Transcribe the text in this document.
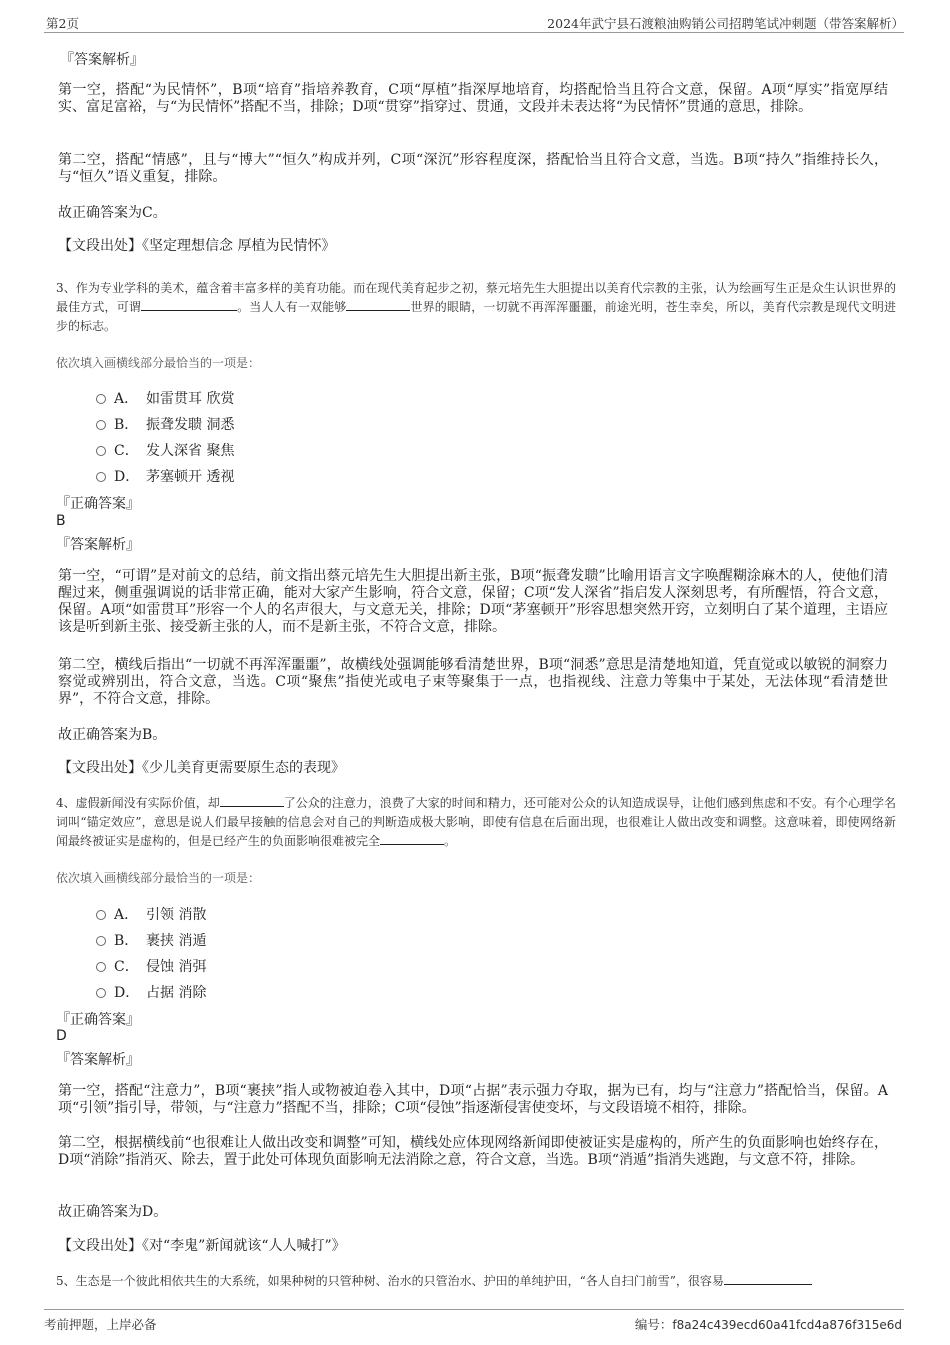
第2页	2024年武宁县石渡粮油购销公司招聘笔试冲刺题（带答案解析）
『答案解析』
第一空，搭配“为民情怀”，B项“培育”指培养教育，C项“厚植”指深厚地培育，均搭配恰当且符合文意，保留。A项“厚实”指宽厚结实、富足富裕，与“为民情怀”搭配不当，排除；D项“贯穿”指穿过、贯通，文段并未表达将“为民情怀”贯通的意思，排除。
第二空，搭配“情感”，且与“博大”“恒久”构成并列，C项“深沉”形容程度深，搭配恰当且符合文意，当选。B项“持久”指维持长久，与“恒久”语义重复，排除。
故正确答案为C。
【文段出处】《坚定理想信念 厚植为民情怀》
3、作为专业学科的美术，蕴含着丰富多样的美育功能。而在现代美育起步之初，蔡元培先生大胆提出以美育代宗教的主张，认为绘画写生正是众生认识世界的最佳方式，可谓	。当人人有一双能够	世界的眼睛，一切就不再浑浑噩噩，前途光明，苍生幸矣，所以，美育代宗教是现代文明进步的标志。
依次填入画横线部分最恰当的一项是：
A． 如雷贯耳 欣赏
B． 振聋发聩 洞悉
C． 发人深省 聚焦
D． 茅塞顿开 透视
『正确答案』
B
『答案解析』
第一空，“可谓”是对前文的总结，前文指出蔡元培先生大胆提出新主张，B项“振聋发聩”比喻用语言文字唤醒糊涂麻木的人，使他们清醒过来，侧重强调说的话非常正确，能对大家产生影响，符合文意，保留；C项“发人深省”指启发人深刻思考，有所醒悟，符合文意，保留。A项“如雷贯耳”形容一个人的名声很大，与文意无关，排除；D项“茅塞顿开”形容思想突然开窍，立刻明白了某个道理，主语应该是听到新主张、接受新主张的人，而不是新主张，不符合文意，排除。
第二空，横线后指出“一切就不再浑浑噩噩”，故横线处强调能够看清楚世界，B项“洞悉”意思是清楚地知道，凭直觉或以敏锐的洞察力察觉或辨别出，符合文意，当选。C项“聚焦”指使光或电子束等聚集于一点，也指视线、注意力等集中于某处，无法体现“看清楚世界”，不符合文意，排除。
故正确答案为B。
【文段出处】《少儿美育更需要原生态的表现》
4、虚假新闻没有实际价值，却	了公众的注意力，浪费了大家的时间和精力，还可能对公众的认知造成误导，让他们感到焦虑和不安。有个心理学名词叫“锚定效应”，意思是说人们最早接触的信息会对自己的判断造成极大影响，即使有信息在后面出现，也很难让人做出改变和调整。这意味着，即使网络新闻最终被证实是虚构的，但是已经产生的负面影响很难被完全	。
依次填入画横线部分最恰当的一项是：
A． 引领 消散
B． 裹挟 消遁
C． 侵蚀 消弭
D． 占据 消除
『正确答案』
D
『答案解析』
第一空，搭配“注意力”，B项“裹挟”指人或物被迫卷入其中，D项“占据”表示强力夺取，据为已有，均与“注意力”搭配恰当，保留。A项“引领”指引导，带领，与“注意力”搭配不当，排除；C项“侵蚀”指逐渐侵害使变坏，与文段语境不相符，排除。
第二空，根据横线前“也很难让人做出改变和调整”可知，横线处应体现网络新闻即使被证实是虚构的，所产生的负面影响也始终存在，D项“消除”指消灭、除去，置于此处可体现负面影响无法消除之意，符合文意，当选。B项“消遁”指消失逃跑，与文意不符，排除。
故正确答案为D。
【文段出处】《对“李鬼”新闻就该“人人喊打”》
5、生态是一个彼此相依共生的大系统，如果种树的只管种树、治水的只管治水、护田的单纯护田，“各人自扫门前雪”，很容易
考前押题，上岸必备	编号：f8a24c439ecd60a41fcd4a876f315e6d
